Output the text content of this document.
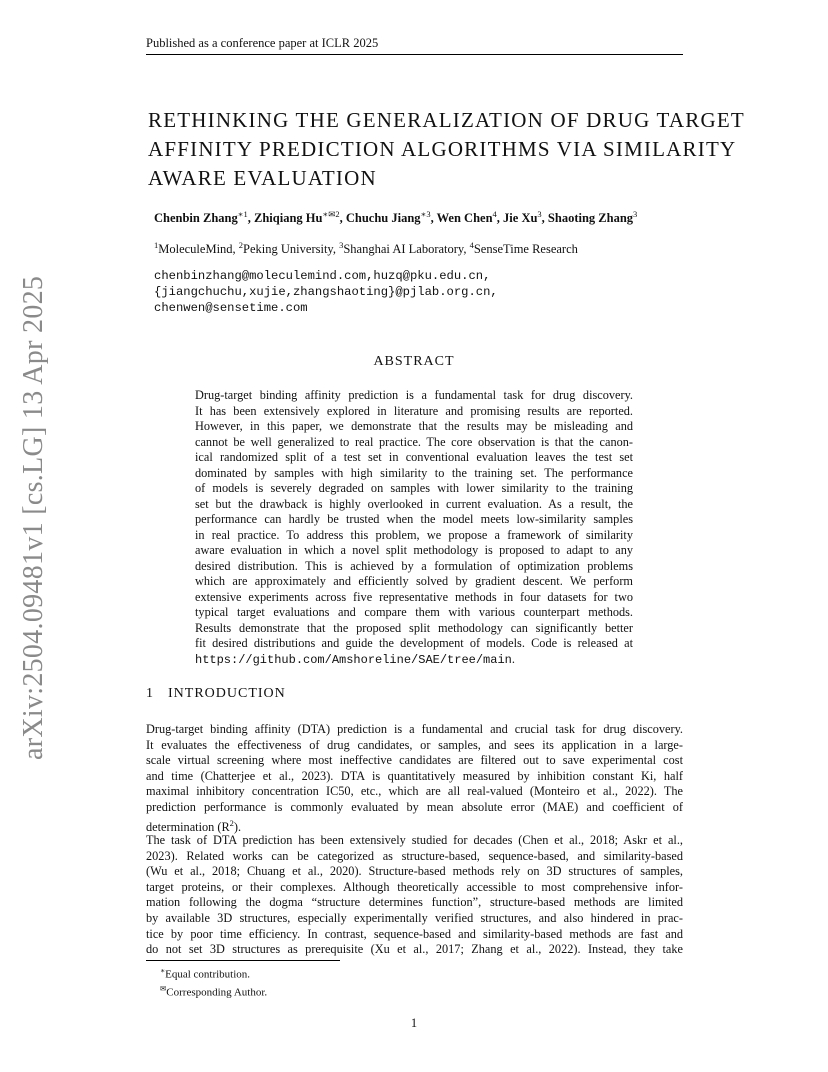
Published as a conference paper at ICLR 2025
arXiv:2504.09481v1 [cs.LG] 13 Apr 2025
RETHINKING THE GENERALIZATION OF DRUG TARGET
AFFINITY PREDICTION ALGORITHMS VIA SIMILARITY
AWARE EVALUATION
Chenbin Zhang$^{∗1}$, Zhiqiang $Hu^{∗✉2}$, Chuchu Jiang$^{∗3}$, Wen Chen$^4$, Jie Xu$^3$, Shaoting Zhang$^3$
$^1$MoleculeMind, $^2$Peking University, $^3$Shanghai AI Laboratory, $^4$SenseTime Research
chenbinzhang@moleculemind.com,huzq@pku.edu.cn,
{jiangchuchu,xujie,zhangshaoting}@pjlab.org.cn,
chenwen@sensetime.com
ABSTRACT
Drug-target binding affinity prediction is a fundamental task for drug discovery.
It has been extensively explored in literature and promising results are reported.
However, in this paper, we demonstrate that the results may be misleading and
cannot be well generalized to real practice. The core observation is that the canon-
ical randomized split of a test set in conventional evaluation leaves the test set
dominated by samples with high similarity to the training set. The performance
of models is severely degraded on samples with lower similarity to the training
set but the drawback is highly overlooked in current evaluation. As a result, the
performance can hardly be trusted when the model meets low-similarity samples
in real practice. To address this problem, we propose a framework of similarity
aware evaluation in which a novel split methodology is proposed to adapt to any
desired distribution. This is achieved by a formulation of optimization problems
which are approximately and efficiently solved by gradient descent. We perform
extensive experiments across five representative methods in four datasets for two
typical target evaluations and compare them with various counterpart methods.
Results demonstrate that the proposed split methodology can significantly better
fit desired distributions and guide the development of models. Code is released at
https://github.com/Amshoreline/SAE/tree/main.
1 INTRODUCTION
Drug-target binding affinity (DTA) prediction is a fundamental and crucial task for drug discovery.
It evaluates the effectiveness of drug candidates, or samples, and sees its application in a large-
scale virtual screening where most ineffective candidates are filtered out to save experimental cost
and time (Chatterjee et al., 2023). DTA is quantitatively measured by inhibition constant Ki, half
maximal inhibitory concentration IC50, etc., which are all real-valued (Monteiro et al., 2022). The
prediction performance is commonly evaluated by mean absolute error (MAE) and coefficient of
determination $(R^2)$.
The task of DTA prediction has been extensively studied for decades (Chen et al., 2018; Askr et al.,
2023). Related works can be categorized as structure-based, sequence-based, and similarity-based
(Wu et al., 2018; Chuang et al., 2020). Structure-based methods rely on 3D structures of samples,
target proteins, or their complexes. Although theoretically accessible to most comprehensive infor-
mation following the dogma “structure determines function”, structure-based methods are limited
by available 3D structures, especially experimentally verified structures, and also hindered in prac-
tice by poor time efficiency. In contrast, sequence-based and similarity-based methods are fast and
do not set 3D structures as prerequisite (Xu et al., 2017; Zhang et al., 2022). Instead, they take
∗Equal contribution.
✉Corresponding Author.
1
